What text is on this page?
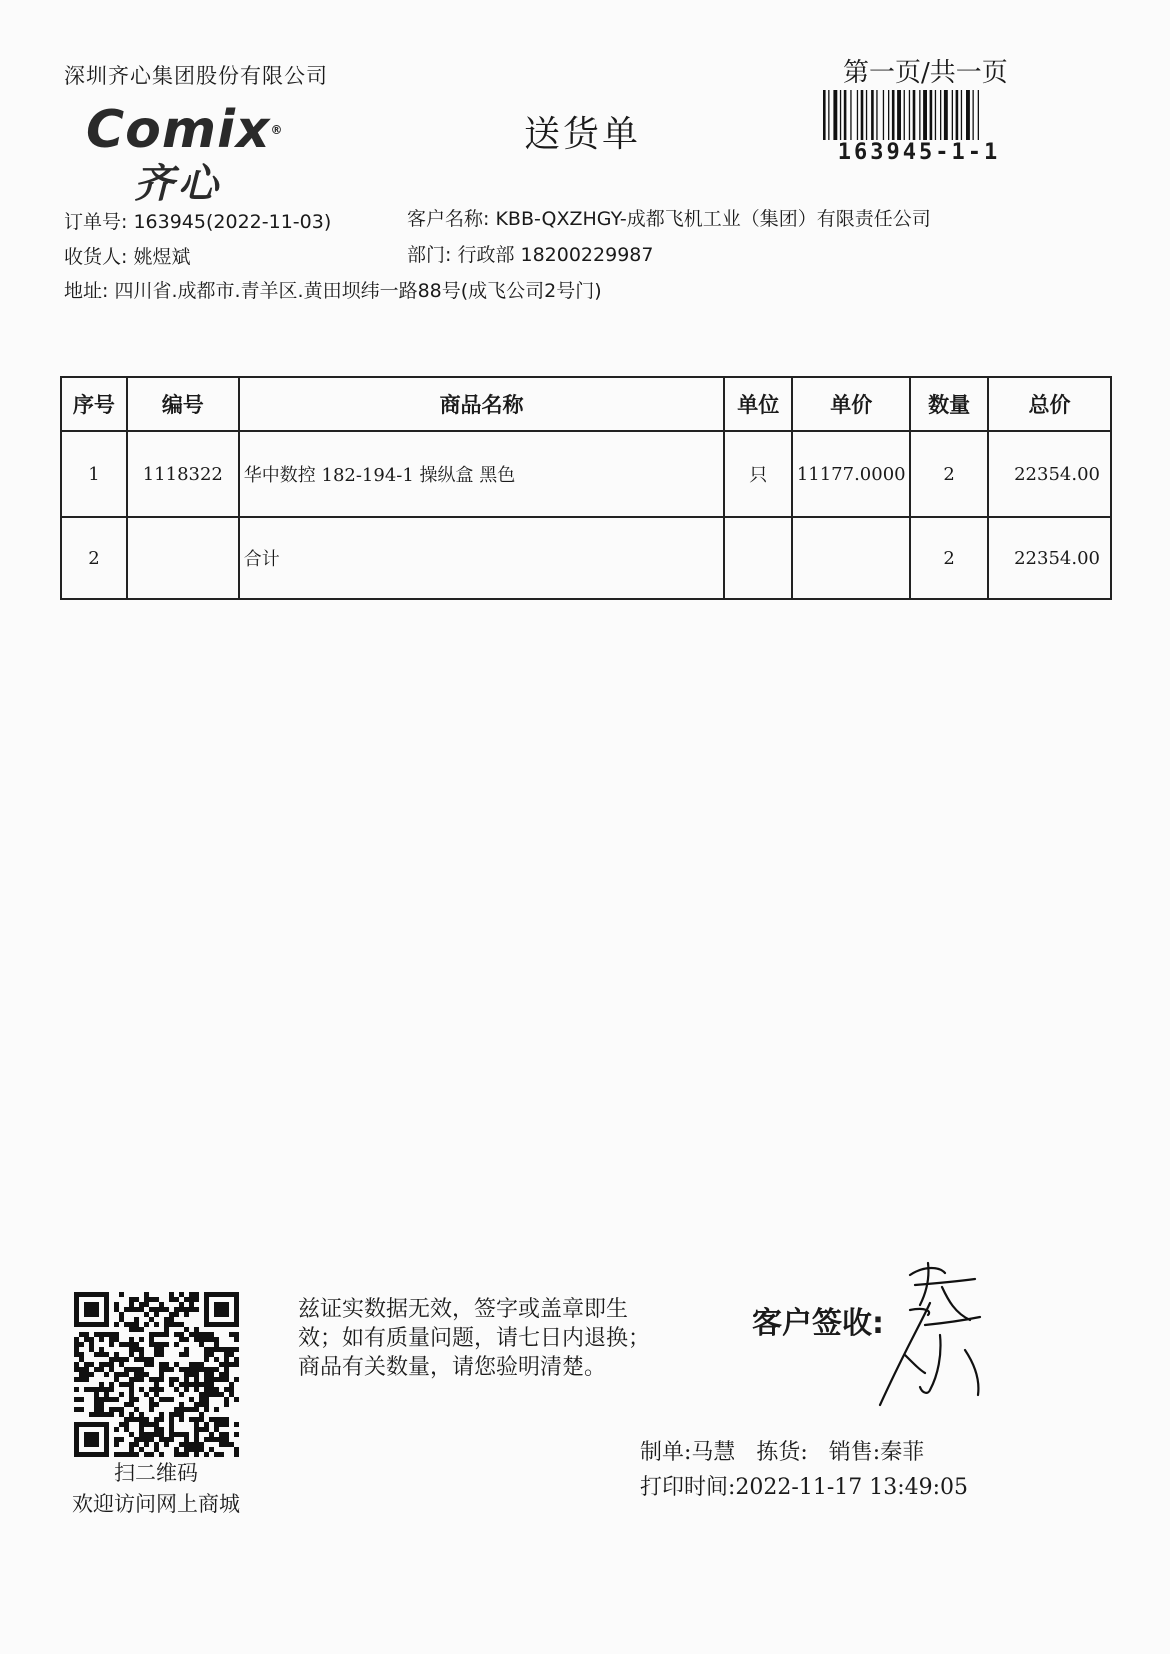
深圳齐心集团股份有限公司	第一页/共一页
Comix®
齐心
送货单	163945-1-1
订单号: 163945(2022-11-03)	客户名称: KBB-QXZHGY-成都飞机工业（集团）有限责任公司
收货人: 姚煜斌	部门: 行政部 18200229987
地址: 四川省.成都市.青羊区.黄田坝纬一路88号(成飞公司2号门)
序号	编号	商品名称	单位	单价	数量	总价
1	1118322	华中数控 182-194-1 操纵盒 黑色	只	11177.0000	2	22354.00
2		合计			2	22354.00
扫二维码
欢迎访问网上商城
兹证实数据无效，签字或盖章即生
效；如有质量问题，请七日内退换；
商品有关数量，请您验明清楚。
客户签收:
制单:马慧   拣货:   销售:秦菲
打印时间:2022-11-17 13:49:05
